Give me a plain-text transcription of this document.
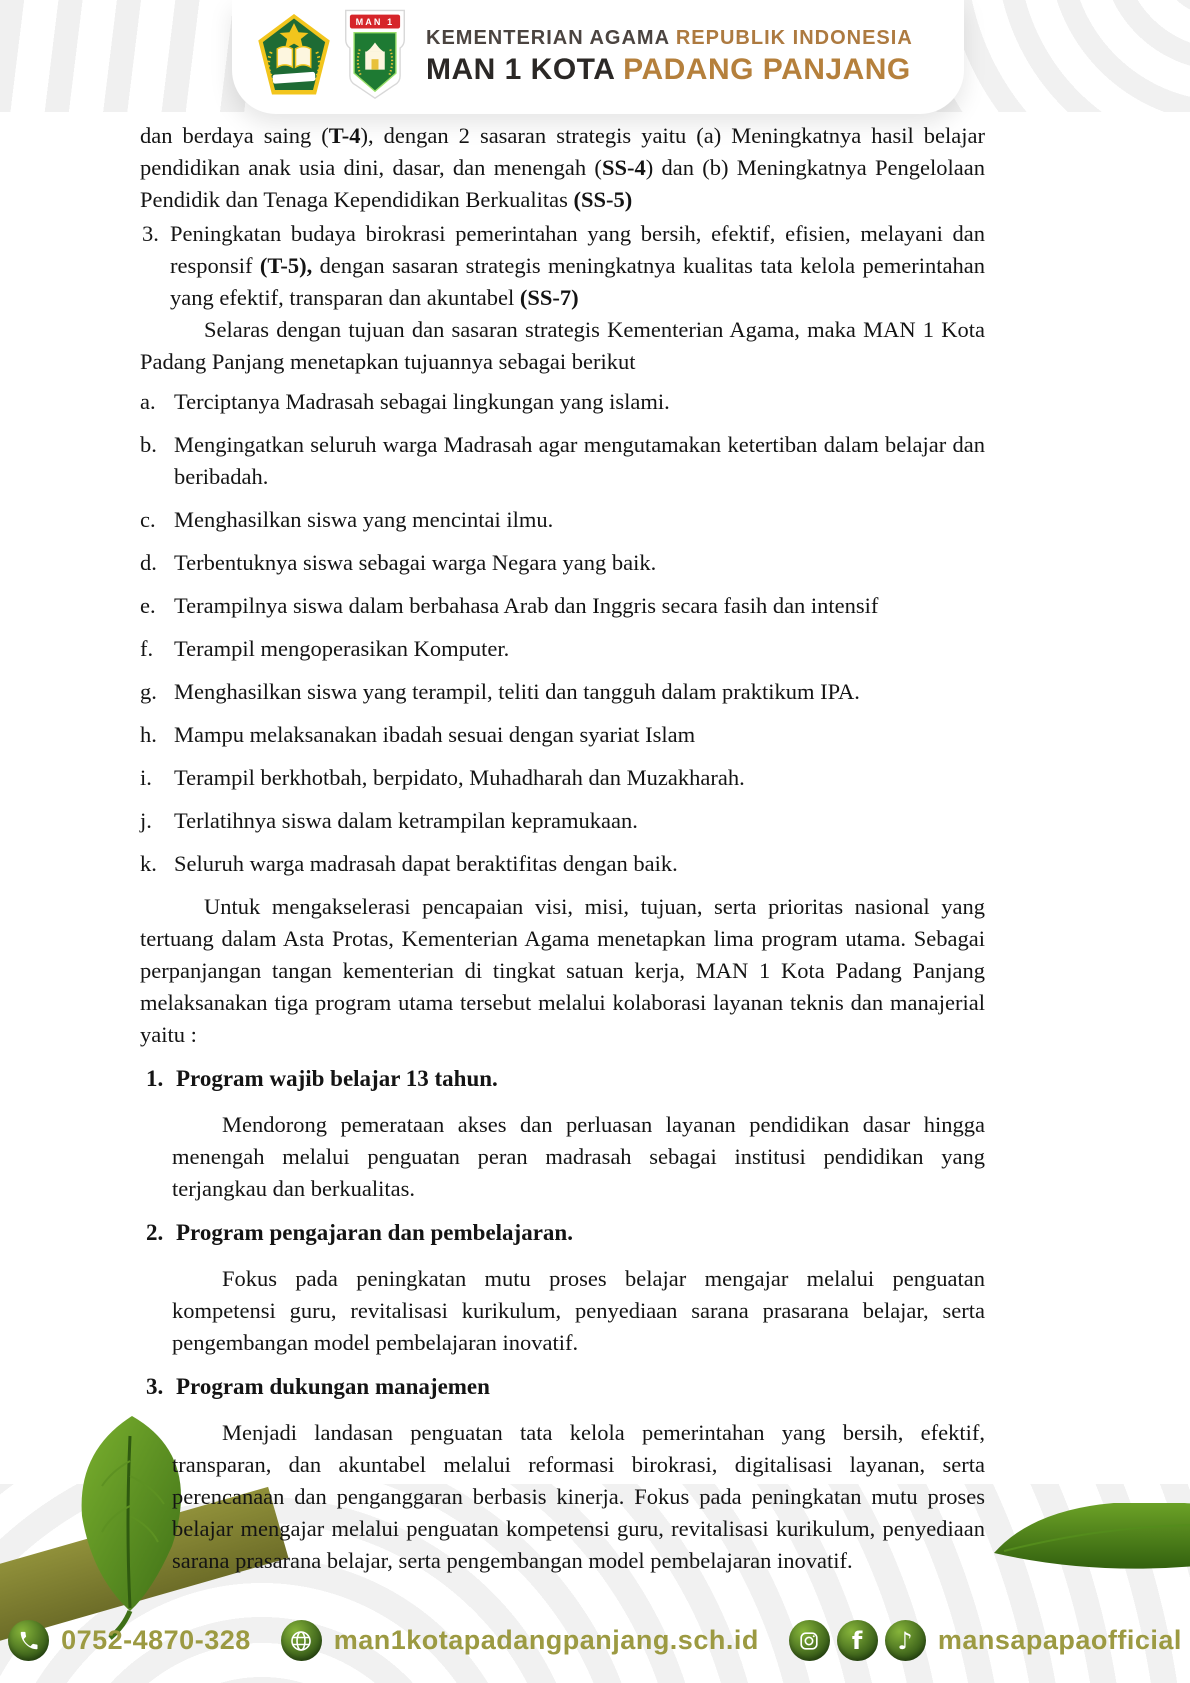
MAN 1
KEMENTERIAN AGAMA REPUBLIK INDONESIA
MAN 1 KOTA PADANG PANJANG

dan berdaya saing (T-4), dengan 2 sasaran strategis yaitu (a) Meningkatnya hasil belajar pendidikan anak usia dini, dasar, dan menengah (SS-4) dan (b) Meningkatnya Pengelolaan Pendidik dan Tenaga Kependidikan Berkualitas (SS-5)

3. Peningkatan budaya birokrasi pemerintahan yang bersih, efektif, efisien, melayani dan responsif (T-5), dengan sasaran strategis meningkatnya kualitas tata kelola pemerintahan yang efektif, transparan dan akuntabel (SS-7)

Selaras dengan tujuan dan sasaran strategis Kementerian Agama, maka MAN 1 Kota Padang Panjang menetapkan tujuannya sebagai berikut

a. Terciptanya Madrasah sebagai lingkungan yang islami.
b. Mengingatkan seluruh warga Madrasah agar mengutamakan ketertiban dalam belajar dan beribadah.
c. Menghasilkan siswa yang mencintai ilmu.
d. Terbentuknya siswa sebagai warga Negara yang baik.
e. Terampilnya siswa dalam berbahasa Arab dan Inggris secara fasih dan intensif
f. Terampil mengoperasikan Komputer.
g. Menghasilkan siswa yang terampil, teliti dan tangguh dalam praktikum IPA.
h. Mampu melaksanakan ibadah sesuai dengan syariat Islam
i. Terampil berkhotbah, berpidato, Muhadharah dan Muzakharah.
j. Terlatihnya siswa dalam ketrampilan kepramukaan.
k. Seluruh warga madrasah dapat beraktifitas dengan baik.

Untuk mengakselerasi pencapaian visi, misi, tujuan, serta prioritas nasional yang tertuang dalam Asta Protas, Kementerian Agama menetapkan lima program utama. Sebagai perpanjangan tangan kementerian di tingkat satuan kerja, MAN 1 Kota Padang Panjang melaksanakan tiga program utama tersebut melalui kolaborasi layanan teknis dan manajerial yaitu :

1. Program wajib belajar 13 tahun.

Mendorong pemerataan akses dan perluasan layanan pendidikan dasar hingga menengah melalui penguatan peran madrasah sebagai institusi pendidikan yang terjangkau dan berkualitas.

2. Program pengajaran dan pembelajaran.

Fokus pada peningkatan mutu proses belajar mengajar melalui penguatan kompetensi guru, revitalisasi kurikulum, penyediaan sarana prasarana belajar, serta pengembangan model pembelajaran inovatif.

3. Program dukungan manajemen

Menjadi landasan penguatan tata kelola pemerintahan yang bersih, efektif, transparan, dan akuntabel melalui reformasi birokrasi, digitalisasi layanan, serta perencanaan dan penganggaran berbasis kinerja. Fokus pada peningkatan mutu proses belajar mengajar melalui penguatan kompetensi guru, revitalisasi kurikulum, penyediaan sarana prasarana belajar, serta pengembangan model pembelajaran inovatif.

0752-4870-328	man1kotapadangpanjang.sch.id	f ♪ mansapapaofficial
